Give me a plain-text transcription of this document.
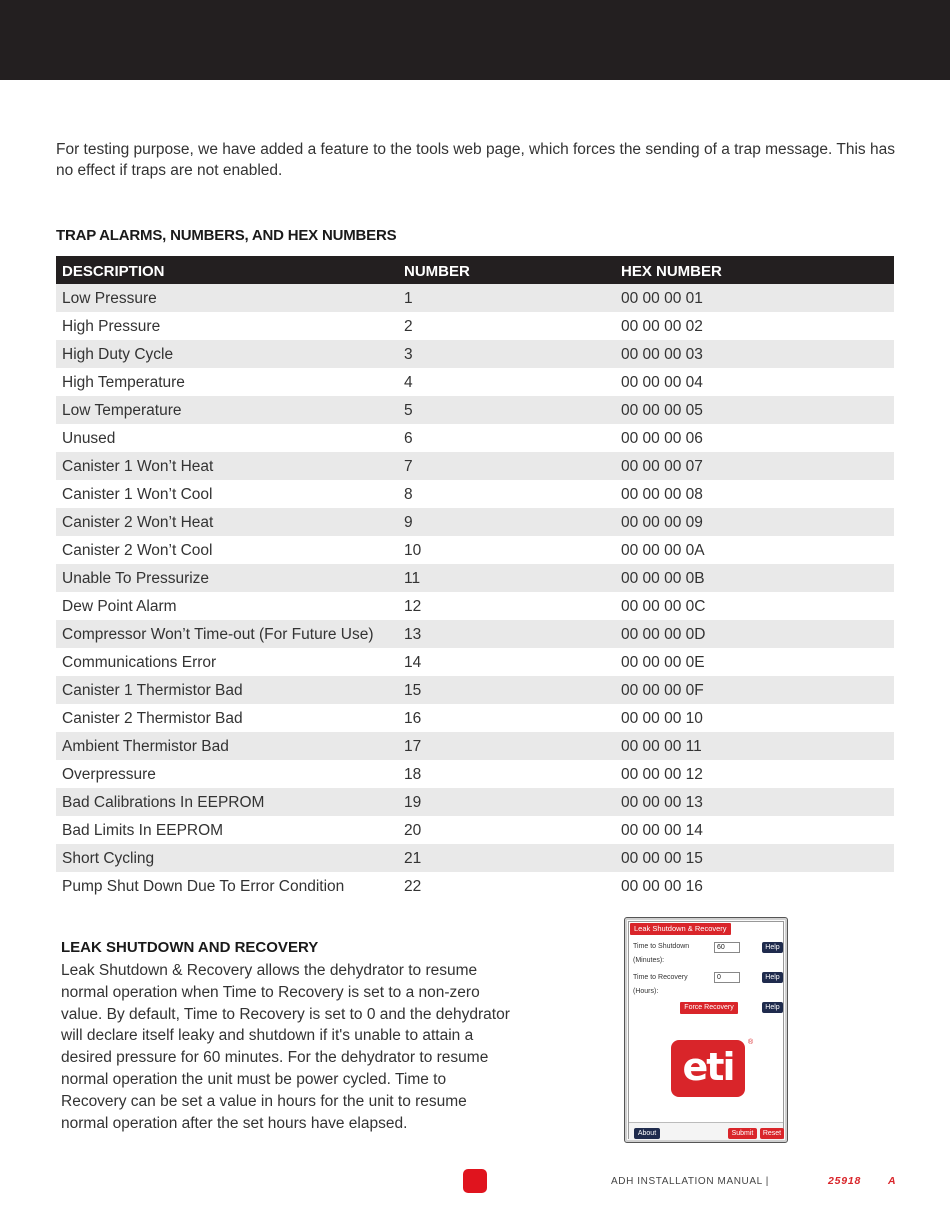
For testing purpose, we have added a feature to the tools web page, which forces the sending of a trap message. This has no effect if traps are not enabled.

TRAP ALARMS, NUMBERS, AND HEX NUMBERS
DESCRIPTION	NUMBER	HEX NUMBER
Low Pressure	1	00 00 00 01
High Pressure	2	00 00 00 02
High Duty Cycle	3	00 00 00 03
High Temperature	4	00 00 00 04
Low Temperature	5	00 00 00 05
Unused	6	00 00 00 06
Canister 1 Won’t Heat	7	00 00 00 07
Canister 1 Won’t Cool	8	00 00 00 08
Canister 2 Won’t Heat	9	00 00 00 09
Canister 2 Won’t Cool	10	00 00 00 0A
Unable To Pressurize	11	00 00 00 0B
Dew Point Alarm	12	00 00 00 0C
Compressor Won’t Time-out (For Future Use)	13	00 00 00 0D
Communications Error	14	00 00 00 0E
Canister 1 Thermistor Bad	15	00 00 00 0F
Canister 2 Thermistor Bad	16	00 00 00 10
Ambient Thermistor Bad	17	00 00 00 11
Overpressure	18	00 00 00 12
Bad Calibrations In EEPROM	19	00 00 00 13
Bad Limits In EEPROM	20	00 00 00 14
Short Cycling	21	00 00 00 15
Pump Shut Down Due To Error Condition	22	00 00 00 16
LEAK SHUTDOWN AND RECOVERY

Leak Shutdown & Recovery allows the dehydrator to resume normal operation when Time to Recovery is set to a non-zero value. By default, Time to Recovery is set to 0 and the dehydrator will declare itself leaky and shutdown if it's unable to attain a desired pressure for 60 minutes. For the dehydrator to resume normal operation the unit must be power cycled. Time to Recovery can be set a value in hours for the unit to resume normal operation after the set hours have elapsed.

Leak Shutdown & Recovery
Time to Shutdown (Minutes):
60	Help
Time to Recovery (Hours):
0	Help
Force Recovery	Help
eti
®
About	Submit	Reset
ADH INSTALLATION MANUAL |	25918	A
